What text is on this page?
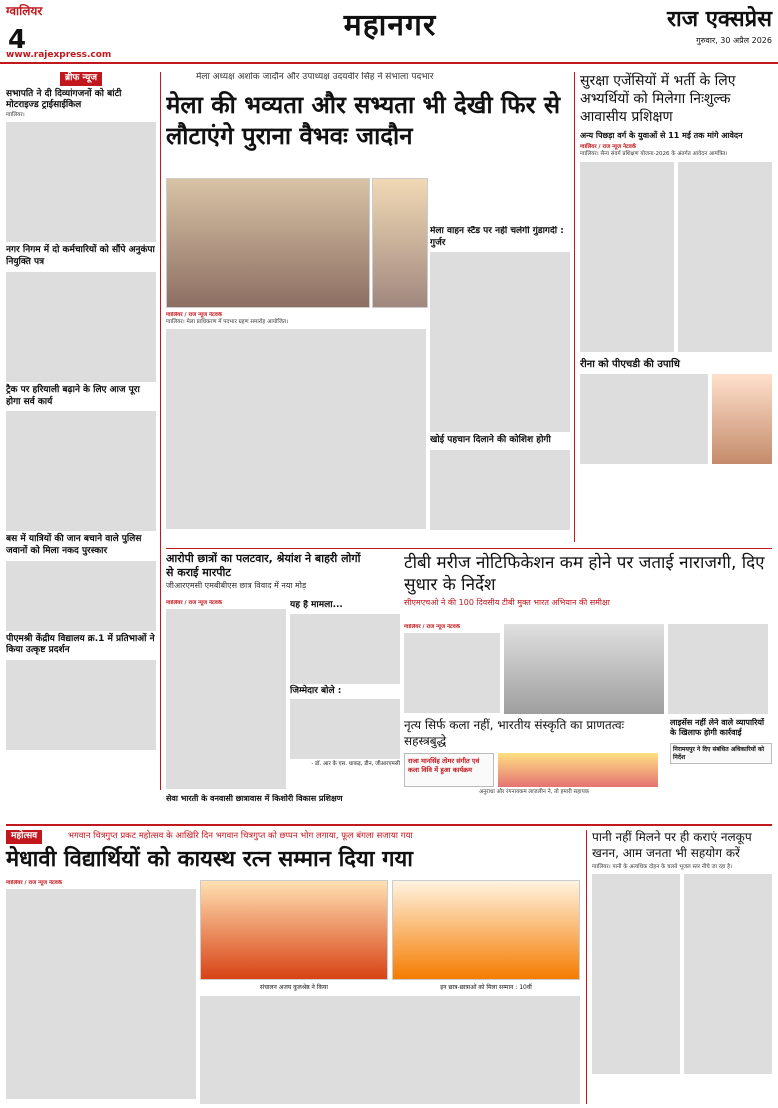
ग्वालियर
4	महानगर	राज एक्सप्रेस
गुरुवार, 30 अप्रैल 2026
www.rajexpress.com
ब्रीफ न्यूज
सभापति ने दी दिव्यांगजनों को बांटी मोटराइज्ड ट्राईसाईकिल
ग्वालियर।
नगर निगम में दो कर्मचारियों को सौंपे अनुकंपा नियुक्ति पत्र
ट्रैक पर हरियाली बढ़ाने के लिए आज पूरा होगा सर्व कार्य
बस में यात्रियों की जान बचाने वाले पुलिस जवानों को मिला नकद पुरस्कार
पीएमश्री केंद्रीय विद्यालय क्र.1 में प्रतिभाओं ने किया उत्कृष्ट प्रदर्शन
मेला अध्यक्ष अशोक जादौन और उपाध्यक्ष उदयवीर सिंह ने संभाला पदभार
मेला की भव्यता और सभ्यता भी देखी फिर से लौटाएंगे पुराना वैभवः जादौन
ग्वालियर / राज न्यूज नेटवर्क
ग्वालियर। मेला प्राधिकरण में पदभार ग्रहण समारोह आयोजित।
मेला वाहन स्टैंड पर नहीं चलेगी गुंडागर्दी : गुर्जर
खोई पहचान दिलाने की कोशिश होगी
सुरक्षा एजेंसियों में भर्ती के लिए अभ्यर्थियों को मिलेगा निःशुल्क आवासीय प्रशिक्षण
अन्य पिछड़ा वर्ग के युवाओं से 11 मई तक मांगे आवेदन
ग्वालियर / राज न्यूज नेटवर्क
ग्वालियर। सैन्य संवर्ग प्रशिक्षण योजना-2026 के अंतर्गत आवेदन आमंत्रित।
रीना को पीएचडी की उपाधि
आरोपी छात्रों का पलटवार, श्रेयांश ने बाहरी लोगों से कराई मारपीट
जीआरएमसी एमबीबीएस छात्र विवाद में नया मोड़
ग्वालियर / राज न्यूज नेटवर्क	यह है मामला...
जिम्मेदार बोले :
- डॉ. आर के एस. धाकड़, डीन, जीआरएमसी
सेवा भारती के वनवासी छात्रावास में किशोरी विकास प्रशिक्षण
टीबी मरीज नोटिफिकेशन कम होने पर जताई नाराजगी, दिए सुधार के निर्देश
सीएमएचओ ने की 100 दिवसीय टीबी मुक्त भारत अभियान की समीक्षा
ग्वालियर / राज न्यूज नेटवर्क
नृत्य सिर्फ कला नहीं, भारतीय संस्कृति का प्राणतत्वः सहस्त्रबुद्धे
राजा मानसिंह तोमर संगीत एवं कला विवि में हुआ कार्यक्रम
अनुराधा और रंगनायकम लाजलीन ने, तो हमारी सहायक
लाइसेंस नहीं लेने वाले व्यापारियों के खिलाफ होगी कार्रवाई
निरामयपुर ने दिए संबंधित अधिकारियों को निर्देश
महोत्सव	भगवान चित्रगुप्त प्रकट महोत्सव के आखिरि दिन भगवान चित्रगुप्त को छप्पन भोग लगाया, फूल बंगला सजाया गया
मेधावी विद्यार्थियों को कायस्थ रत्न सम्मान दिया गया
ग्वालियर / राज न्यूज नेटवर्क
संचालन अजय कुलश्रेष्ठ ने किया	इन छात्र-छात्राओं को मिला सम्मान : 10वीं
पानी नहीं मिलने पर ही कराएं नलकूप खनन, आम जनता भी सहयोग करें
ग्वालियर। पानी के अत्यधिक दोहन के चलते भूजल स्तर नीचे जा रहा है।
